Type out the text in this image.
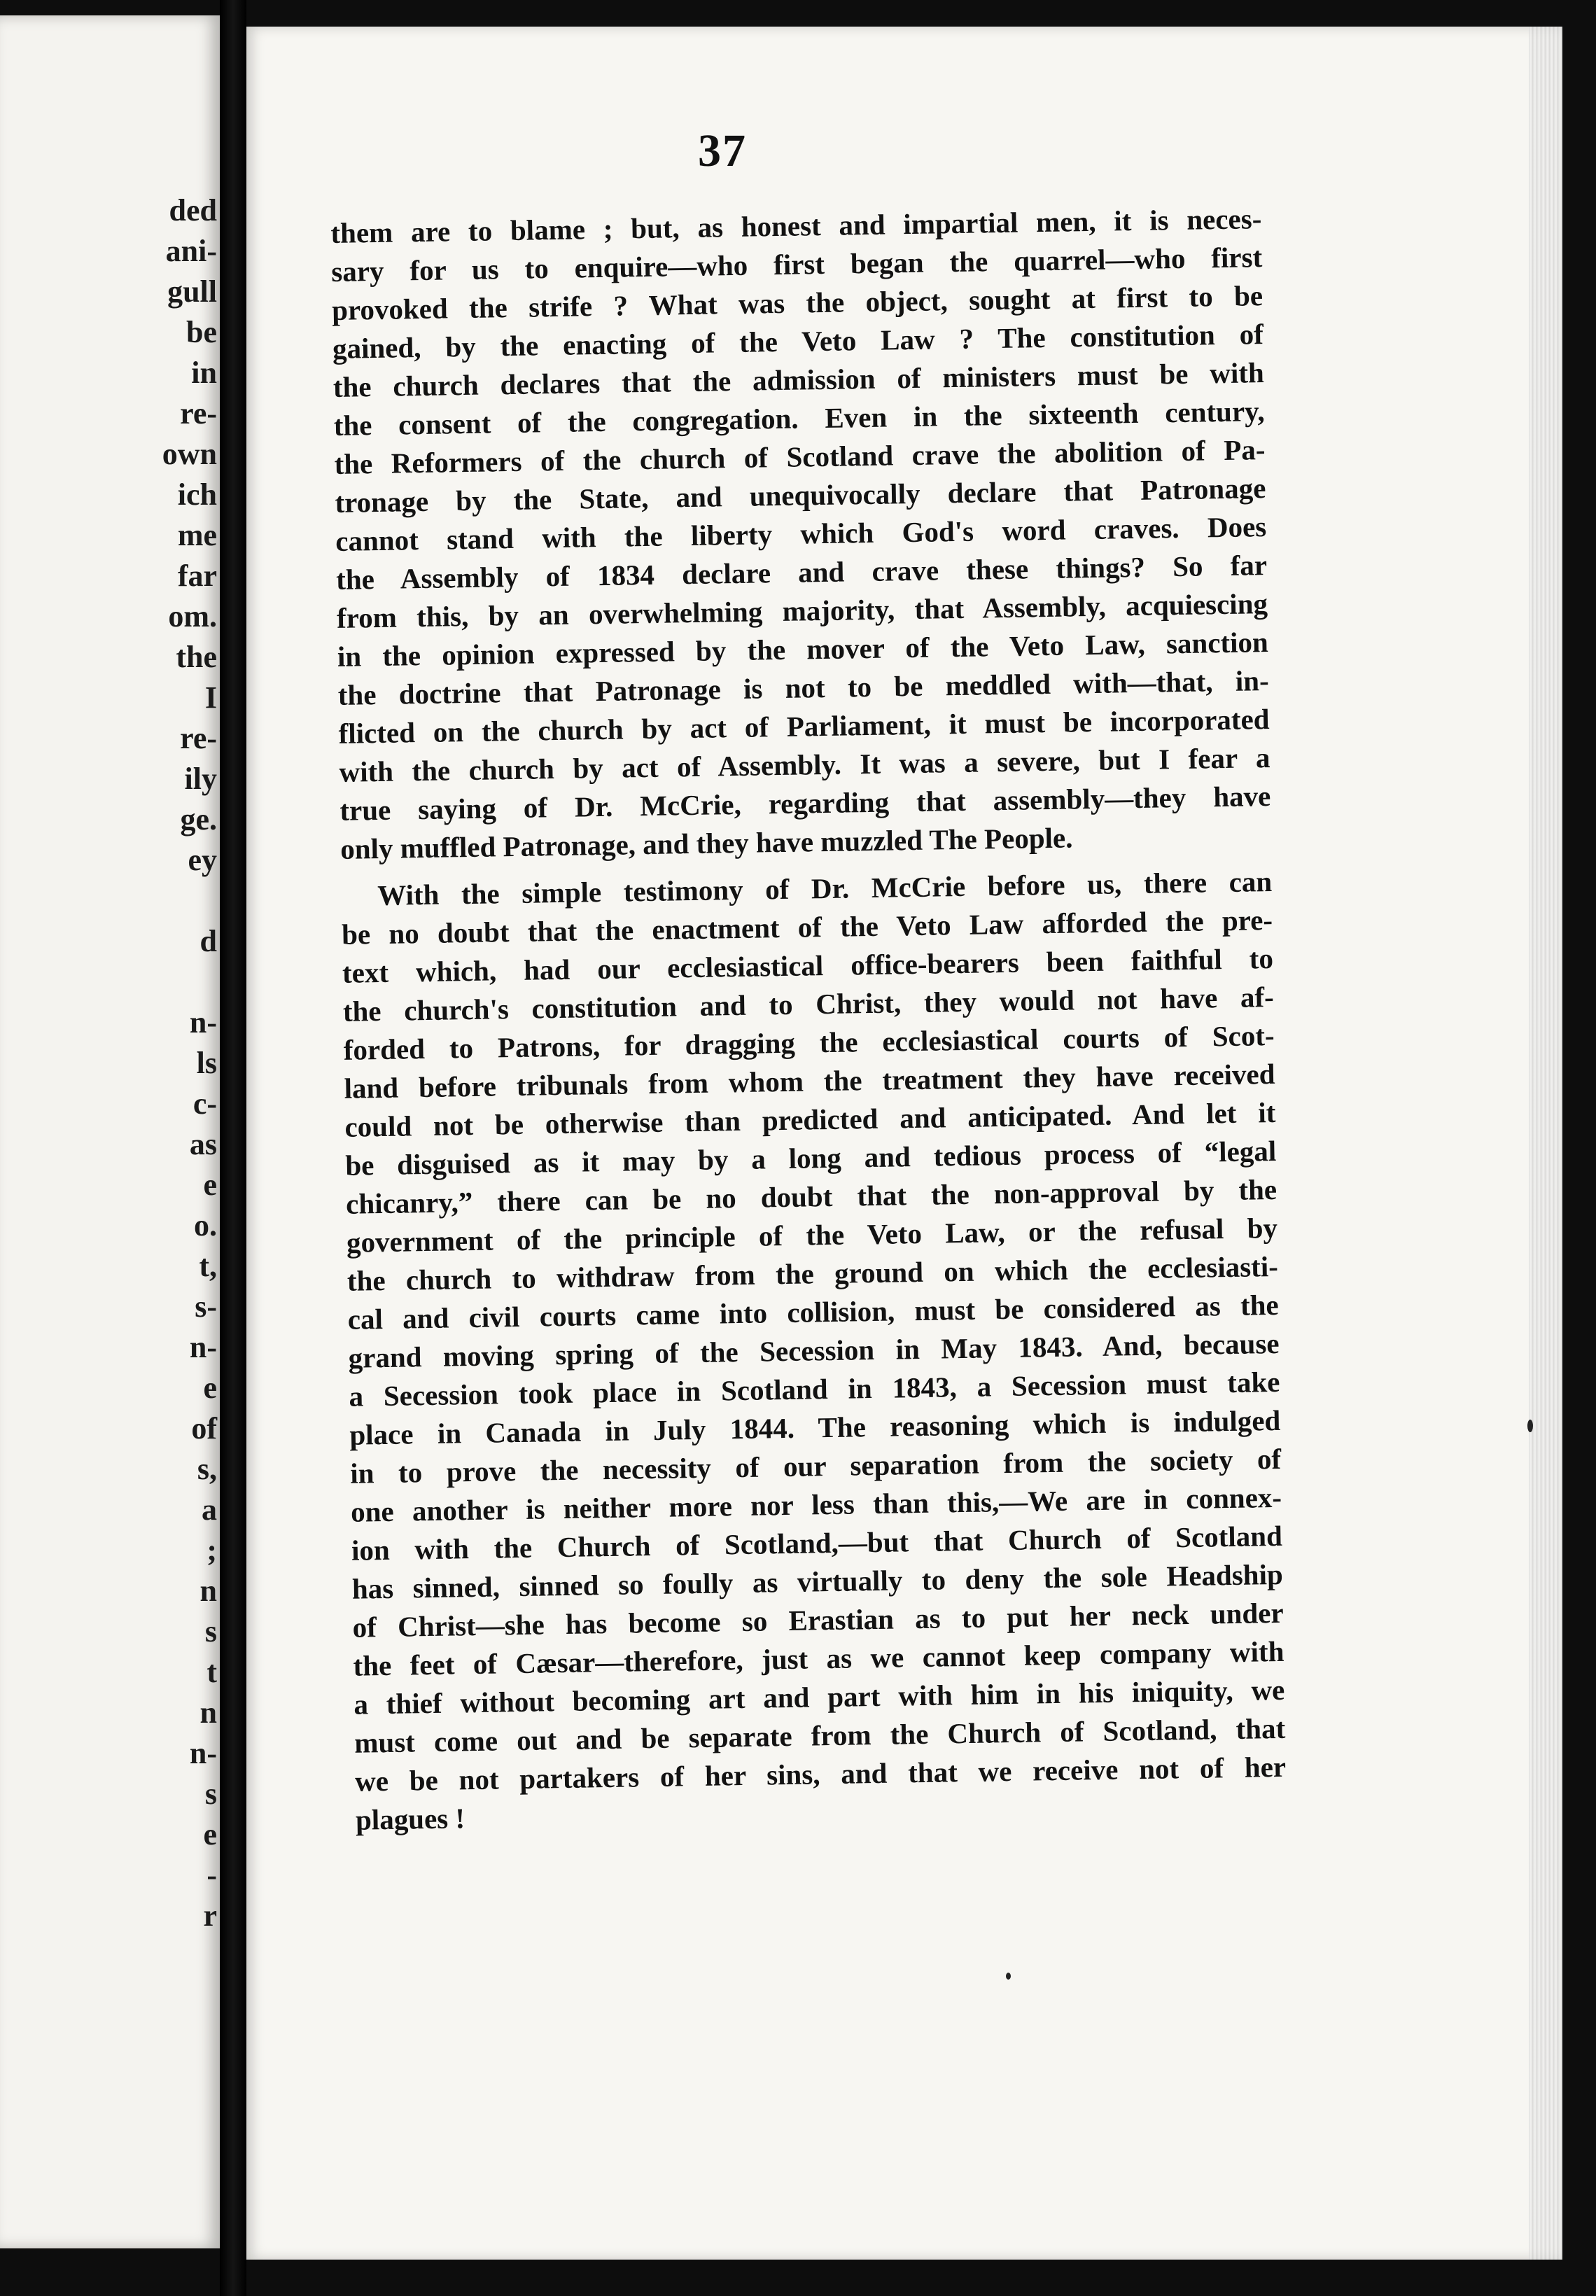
ded
ani-
gull
be
in
re-
own
ich
me
far
om.
the
I
re-
ily
ge.
ey
d
n-
ls
c-
as
e
o.
t,
s-
n-
e
of
s,
a
;
n
s
t
n
n-
s
e
-
r
37
them are to blame ; but, as honest and impartial men, it is neces-
sary for us to enquire—who first began the quarrel—who first
provoked the strife ? What was the object, sought at first to be
gained, by the enacting of the Veto Law ? The constitution of
the church declares that the admission of ministers must be with
the consent of the congregation. Even in the sixteenth century,
the Reformers of the church of Scotland crave the abolition of Pa-
tronage by the State, and unequivocally declare that Patronage
cannot stand with the liberty which God's word craves. Does
the Assembly of 1834 declare and crave these things? So far
from this, by an overwhelming majority, that Assembly, acquiescing
in the opinion expressed by the mover of the Veto Law, sanction
the doctrine that Patronage is not to be meddled with—that, in-
flicted on the church by act of Parliament, it must be incorporated
with the church by act of Assembly. It was a severe, but I fear a
true saying of Dr. McCrie, regarding that assembly—they have
only muffled Patronage, and they have muzzled The People.
With the simple testimony of Dr. McCrie before us, there can
be no doubt that the enactment of the Veto Law afforded the pre-
text which, had our ecclesiastical office-bearers been faithful to
the church's constitution and to Christ, they would not have af-
forded to Patrons, for dragging the ecclesiastical courts of Scot-
land before tribunals from whom the treatment they have received
could not be otherwise than predicted and anticipated. And let it
be disguised as it may by a long and tedious process of “legal
chicanry,” there can be no doubt that the non-approval by the
government of the principle of the Veto Law, or the refusal by
the church to withdraw from the ground on which the ecclesiasti-
cal and civil courts came into collision, must be considered as the
grand moving spring of the Secession in May 1843. And, because
a Secession took place in Scotland in 1843, a Secession must take
place in Canada in July 1844. The reasoning which is indulged
in to prove the necessity of our separation from the society of
one another is neither more nor less than this,—We are in connex-
ion with the Church of Scotland,—but that Church of Scotland
has sinned, sinned so foully as virtually to deny the sole Headship
of Christ—she has become so Erastian as to put her neck under
the feet of Cæsar—therefore, just as we cannot keep company with
a thief without becoming art and part with him in his iniquity, we
must come out and be separate from the Church of Scotland, that
we be not partakers of her sins, and that we receive not of her
plagues !
